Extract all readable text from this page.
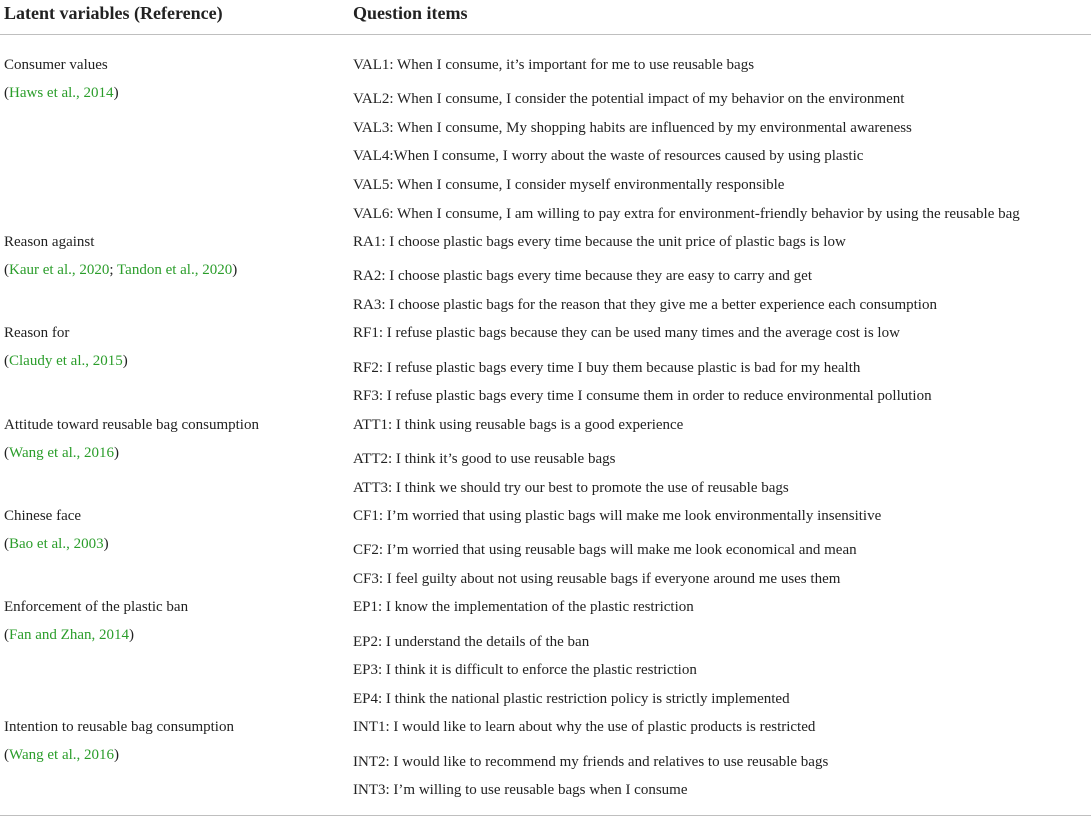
Latent variables (Reference)	Question items
Consumer values
(Haws et al., 2014)
VAL1: When I consume, it’s important for me to use reusable bags
VAL2: When I consume, I consider the potential impact of my behavior on the environment
VAL3: When I consume, My shopping habits are influenced by my environmental awareness
VAL4:When I consume, I worry about the waste of resources caused by using plastic
VAL5: When I consume, I consider myself environmentally responsible
VAL6: When I consume, I am willing to pay extra for environment-friendly behavior by using the reusable bag
Reason against
(Kaur et al., 2020; Tandon et al., 2020)
RA1: I choose plastic bags every time because the unit price of plastic bags is low
RA2: I choose plastic bags every time because they are easy to carry and get
RA3: I choose plastic bags for the reason that they give me a better experience each consumption
Reason for
(Claudy et al., 2015)
RF1: I refuse plastic bags because they can be used many times and the average cost is low
RF2: I refuse plastic bags every time I buy them because plastic is bad for my health
RF3: I refuse plastic bags every time I consume them in order to reduce environmental pollution
Attitude toward reusable bag consumption
(Wang et al., 2016)
ATT1: I think using reusable bags is a good experience
ATT2: I think it’s good to use reusable bags
ATT3: I think we should try our best to promote the use of reusable bags
Chinese face
(Bao et al., 2003)
CF1: I’m worried that using plastic bags will make me look environmentally insensitive
CF2: I’m worried that using reusable bags will make me look economical and mean
CF3: I feel guilty about not using reusable bags if everyone around me uses them
Enforcement of the plastic ban
(Fan and Zhan, 2014)
EP1: I know the implementation of the plastic restriction
EP2: I understand the details of the ban
EP3: I think it is difficult to enforce the plastic restriction
EP4: I think the national plastic restriction policy is strictly implemented
Intention to reusable bag consumption
(Wang et al., 2016)
INT1: I would like to learn about why the use of plastic products is restricted
INT2: I would like to recommend my friends and relatives to use reusable bags
INT3: I’m willing to use reusable bags when I consume
